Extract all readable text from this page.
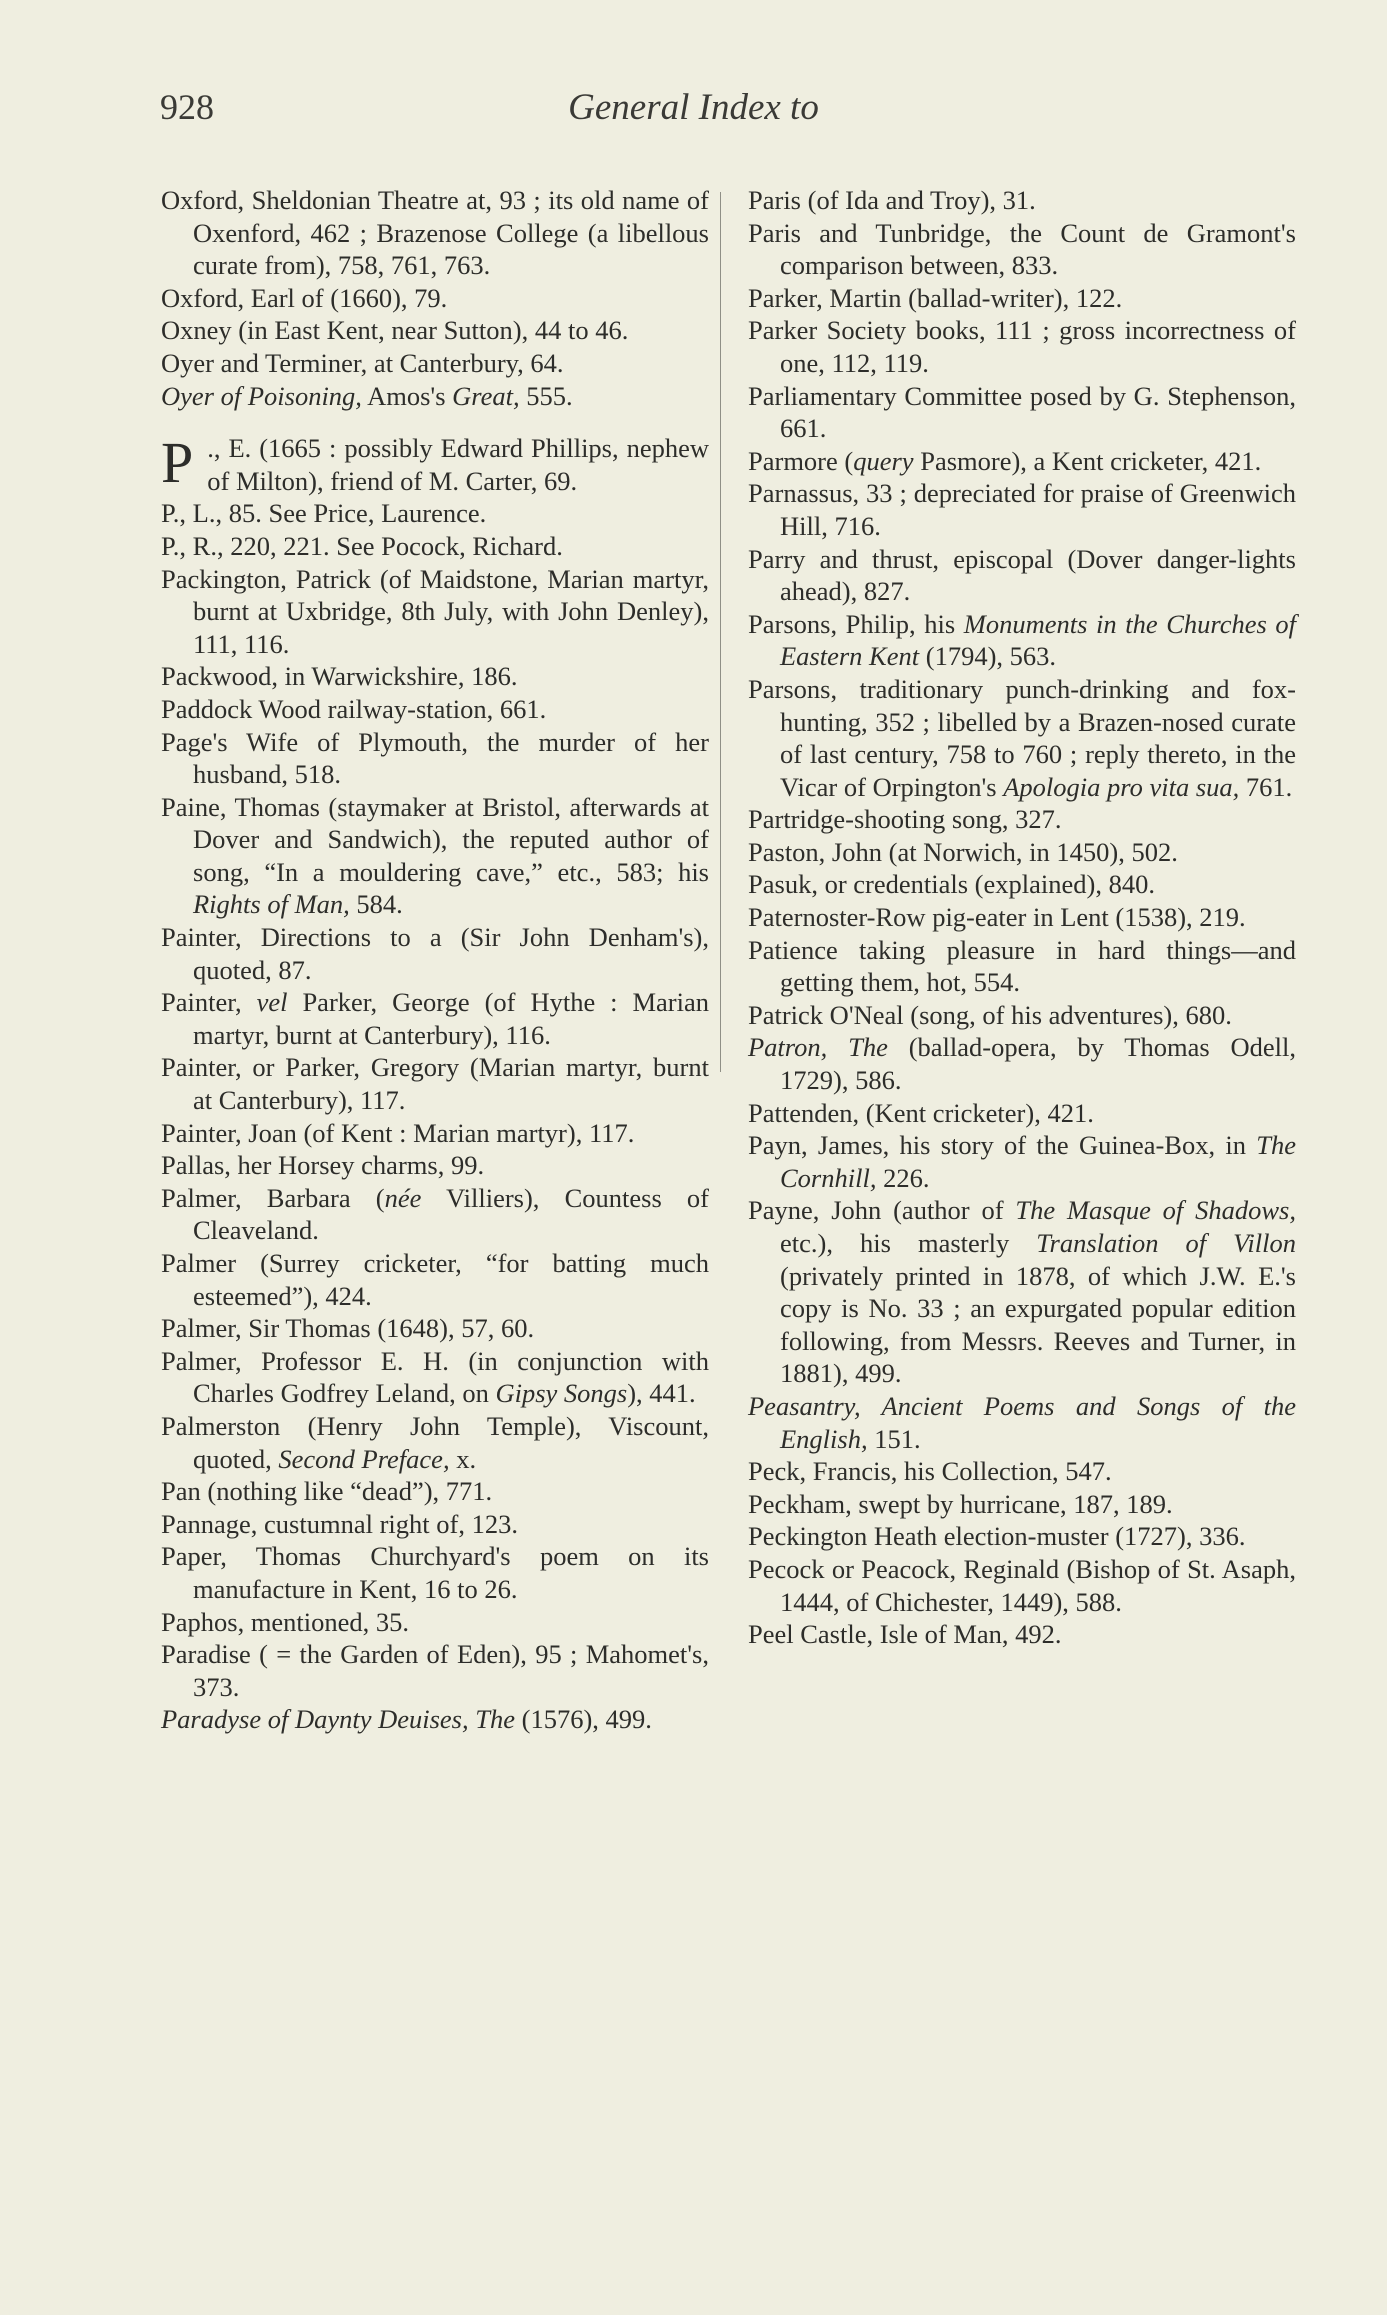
928	General Index to
Oxford, Sheldonian Theatre at, 93 ; its old name of Oxenford, 462 ; Brazenose College (a libellous curate from), 758, 761, 763.
Oxford, Earl of (1660), 79.
Oxney (in East Kent, near Sutton), 44 to 46.
Oyer and Terminer, at Canterbury, 64.
Oyer of Poisoning, Amos's Great, 555.
P ., E. (1665 : possibly Edward Phillips, nephew of Milton), friend of M. Carter, 69.
P., L., 85. See Price, Laurence.
P., R., 220, 221. See Pocock, Richard.
Packington, Patrick (of Maidstone, Marian martyr, burnt at Uxbridge, 8th July, with John Denley), 111, 116.
Packwood, in Warwickshire, 186.
Paddock Wood railway-station, 661.
Page's Wife of Plymouth, the murder of her husband, 518.
Paine, Thomas (staymaker at Bristol, afterwards at Dover and Sandwich), the reputed author of song, “In a mouldering cave,” etc., 583; his Rights of Man, 584.
Painter, Directions to a (Sir John Denham's), quoted, 87.
Painter, vel Parker, George (of Hythe : Marian martyr, burnt at Canterbury), 116.
Painter, or Parker, Gregory (Marian martyr, burnt at Canterbury), 117.
Painter, Joan (of Kent : Marian martyr), 117.
Pallas, her Horsey charms, 99.
Palmer, Barbara (née Villiers), Countess of Cleaveland.
Palmer (Surrey cricketer, “for batting much esteemed”), 424.
Palmer, Sir Thomas (1648), 57, 60.
Palmer, Professor E. H. (in conjunction with Charles Godfrey Leland, on Gipsy Songs), 441.
Palmerston (Henry John Temple), Viscount, quoted, Second Preface, x.
Pan (nothing like “dead”), 771.
Pannage, custumnal right of, 123.
Paper, Thomas Churchyard's poem on its manufacture in Kent, 16 to 26.
Paphos, mentioned, 35.
Paradise ( = the Garden of Eden), 95 ; Mahomet's, 373.
Paradyse of Daynty Deuises, The (1576), 499.
Paris (of Ida and Troy), 31.
Paris and Tunbridge, the Count de Gramont's comparison between, 833.
Parker, Martin (ballad-writer), 122.
Parker Society books, 111 ; gross incorrectness of one, 112, 119.
Parliamentary Committee posed by G. Stephenson, 661.
Parmore (query Pasmore), a Kent cricketer, 421.
Parnassus, 33 ; depreciated for praise of Greenwich Hill, 716.
Parry and thrust, episcopal (Dover danger-lights ahead), 827.
Parsons, Philip, his Monuments in the Churches of Eastern Kent (1794), 563.
Parsons, traditionary punch-drinking and fox-hunting, 352 ; libelled by a Brazen-nosed curate of last century, 758 to 760 ; reply thereto, in the Vicar of Orpington's Apologia pro vita sua, 761.
Partridge-shooting song, 327.
Paston, John (at Norwich, in 1450), 502.
Pasuk, or credentials (explained), 840.
Paternoster-Row pig-eater in Lent (1538), 219.
Patience taking pleasure in hard things—and getting them, hot, 554.
Patrick O'Neal (song, of his adventures), 680.
Patron, The (ballad-opera, by Thomas Odell, 1729), 586.
Pattenden, (Kent cricketer), 421.
Payn, James, his story of the Guinea-Box, in The Cornhill, 226.
Payne, John (author of The Masque of Shadows, etc.), his masterly Translation of Villon (privately printed in 1878, of which J.W. E.'s copy is No. 33 ; an expurgated popular edition following, from Messrs. Reeves and Turner, in 1881), 499.
Peasantry, Ancient Poems and Songs of the English, 151.
Peck, Francis, his Collection, 547.
Peckham, swept by hurricane, 187, 189.
Peckington Heath election-muster (1727), 336.
Pecock or Peacock, Reginald (Bishop of St. Asaph, 1444, of Chichester, 1449), 588.
Peel Castle, Isle of Man, 492.
